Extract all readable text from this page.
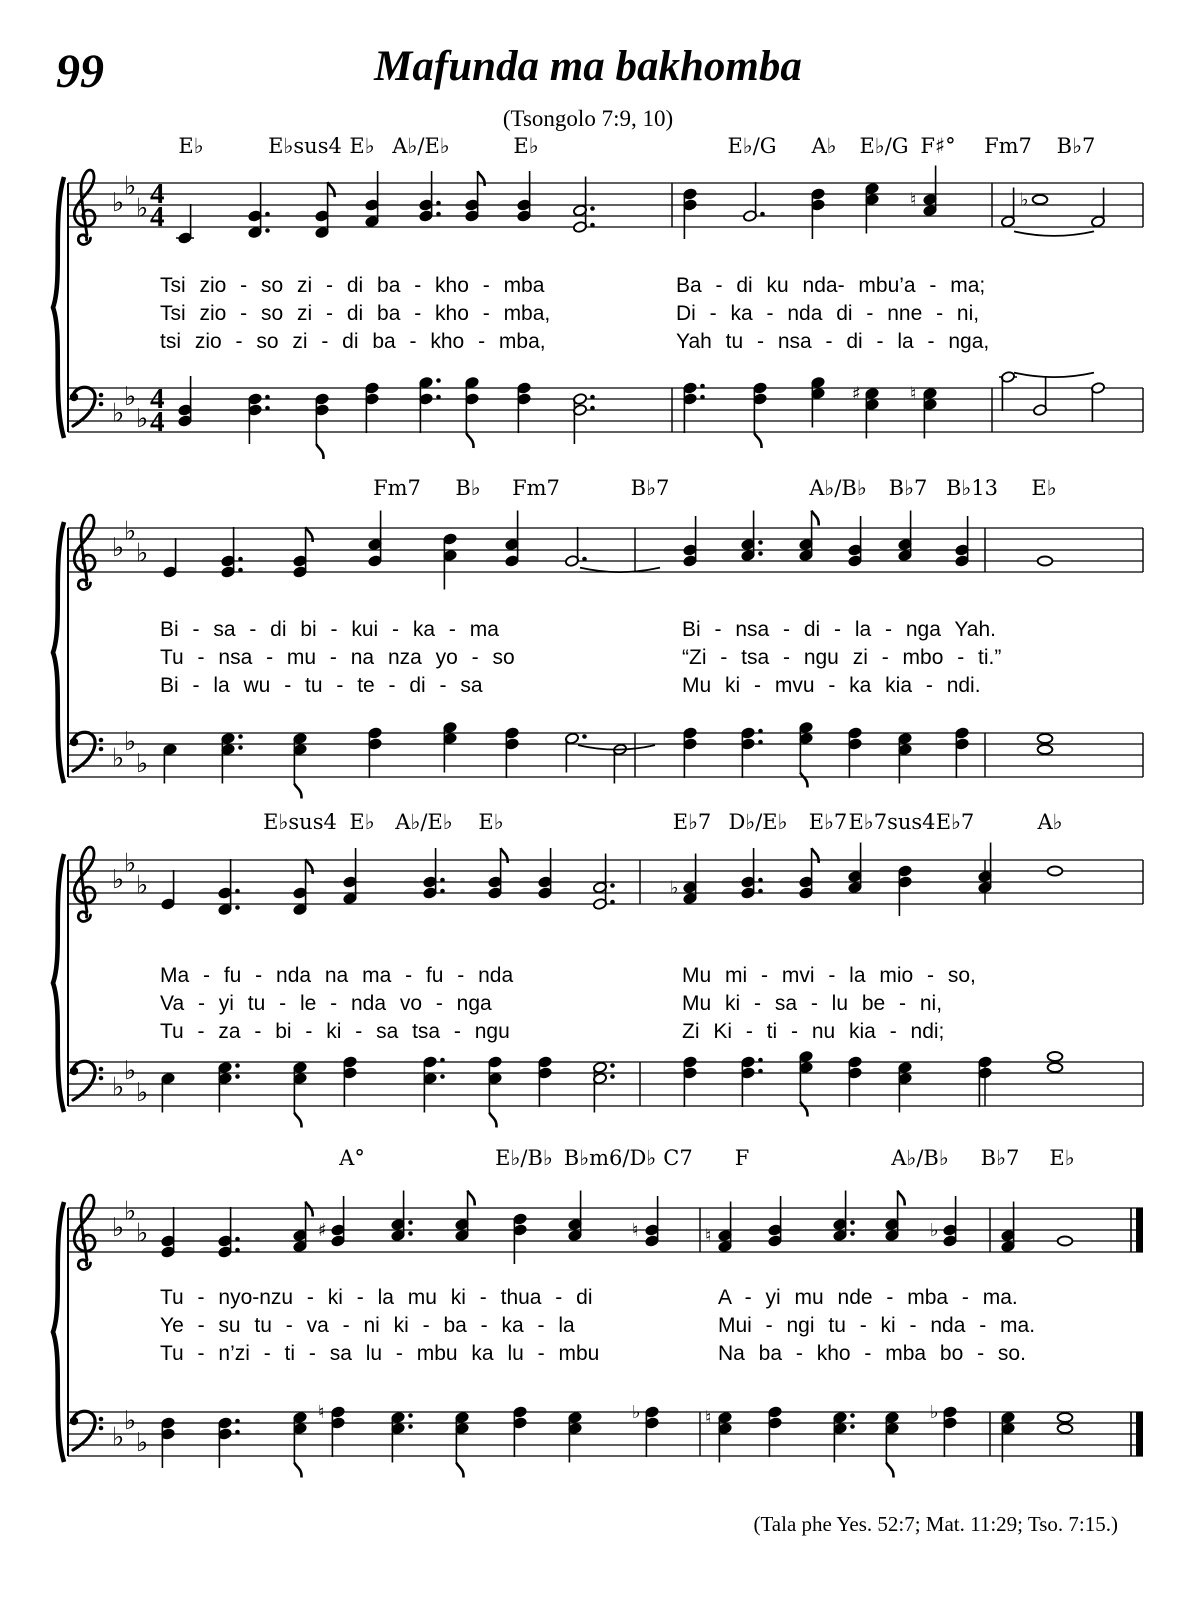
♭
♭
♭
♭
♭
♭
4
4
4
4
♮	♭
♯	♮
♭
♭
♭
♭
♭
♭
♭
♭
♭
♭
♭
♭
♭
♭
♭
♭
♭
♭
♭
♯	♮	♮	♭
♮	♭	♮	♭
99	Mafunda ma bakhomba
(Tsongolo 7:9, 10)
E♭	E♭sus4 E♭ A♭/E♭	E♭	E♭/G A♭ E♭/G F♯° Fm7 B♭7
Fm7 B♭ Fm7	B♭7	A♭/B♭ B♭7 B♭13 E♭
E♭sus4 E♭ A♭/E♭ E♭	E♭7 D♭/E♭ E♭7 E♭7sus4 E♭7	A♭
A°	E♭/B♭ B♭m6/D♭ C7 F	A♭/B♭ B♭7 E♭
Tsi zio - so zi - di ba - kho - mba	Ba - di ku nda- mbu’a - ma;
Tsi zio - so zi - di ba - kho - mba,	Di - ka - nda di - nne - ni,
tsi zio - so zi - di ba - kho - mba,	Yah tu - nsa - di - la - nga,
Bi - sa - di bi - kui - ka - ma	Bi - nsa - di - la - nga Yah.
Tu - nsa - mu - na nza yo - so	“Zi - tsa - ngu zi - mbo - ti.”
Bi - la wu - tu - te - di - sa	Mu ki - mvu - ka kia - ndi.
Ma - fu - nda na ma - fu - nda	Mu mi - mvi - la mio - so,
Va - yi tu - le - nda vo - nga	Mu ki - sa - lu be - ni,
Tu - za - bi - ki - sa tsa - ngu	Zi Ki - ti - nu kia - ndi;
Tu - nyo-nzu - ki - la mu ki - thua - di	A - yi mu nde - mba - ma.
Ye - su tu - va - ni ki - ba - ka - la	Mui - ngi tu - ki - nda - ma.
Tu - n’zi - ti - sa lu - mbu ka lu - mbu	Na ba - kho - mba bo - so.
(Tala phe Yes. 52:7; Mat. 11:29; Tso. 7:15.)
